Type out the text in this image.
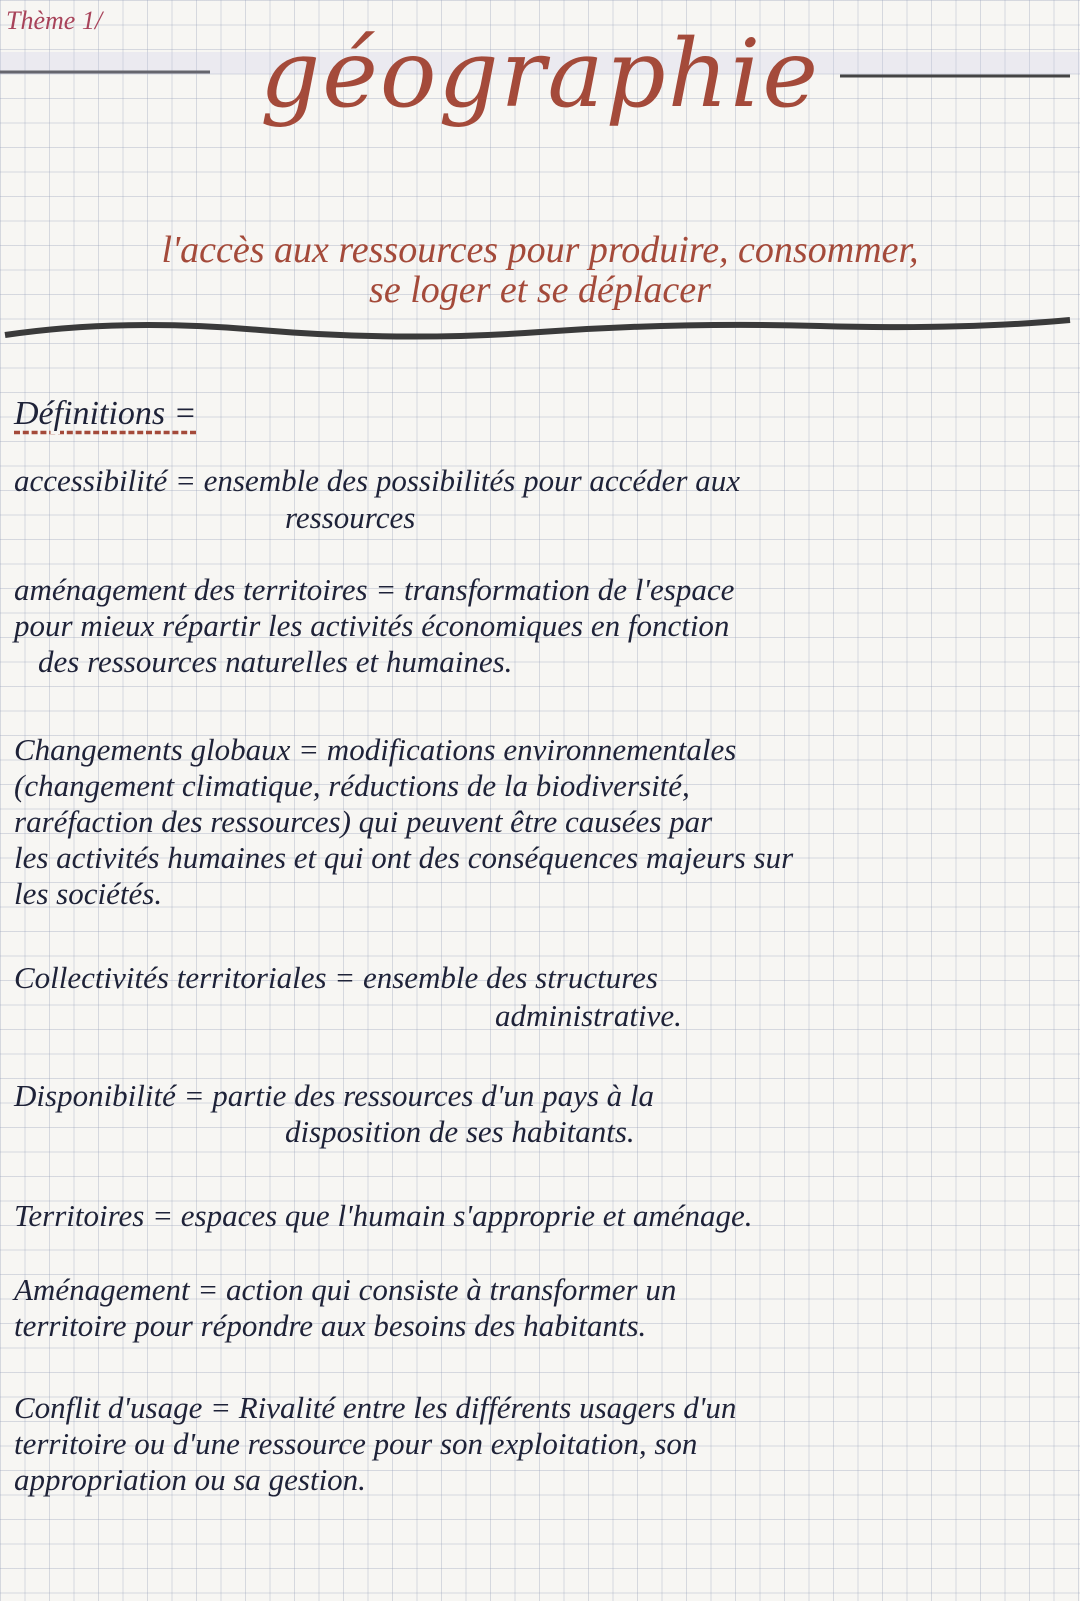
Thème 1/	géographie
l'accès aux ressources pour produire, consommer,
se loger et se déplacer
Définitions =
accessibilité = ensemble des possibilités pour accéder aux
ressources
aménagement des territoires = transformation de l'espace
pour mieux répartir les activités économiques en fonction
des ressources naturelles et humaines.
Changements globaux = modifications environnementales
(changement climatique, réductions de la biodiversité,
raréfaction des ressources) qui peuvent être causées par
les activités humaines et qui ont des conséquences majeurs sur
les sociétés.
Collectivités territoriales = ensemble des structures
administrative.
Disponibilité = partie des ressources d'un pays à la
disposition de ses habitants.
Territoires = espaces que l'humain s'approprie et aménage.
Aménagement = action qui consiste à transformer un
territoire pour répondre aux besoins des habitants.
Conflit d'usage = Rivalité entre les différents usagers d'un
territoire ou d'une ressource pour son exploitation, son
appropriation ou sa gestion.
